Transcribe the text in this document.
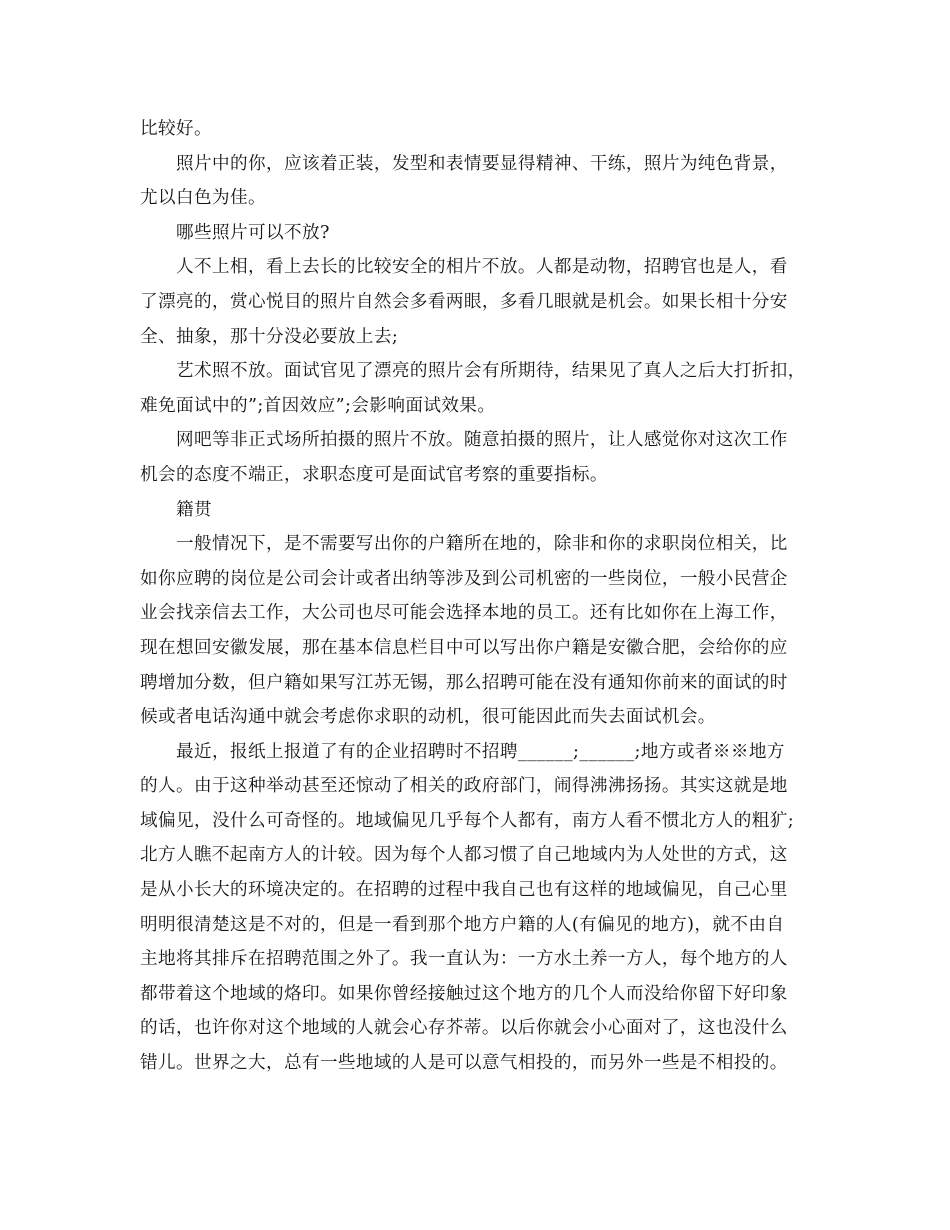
比较好。

　　照片中的你，应该着正装，发型和表情要显得精神、干练，照片为纯色背景，

尤以白色为佳。

　　哪些照片可以不放?

　　人不上相，看上去长的比较安全的相片不放。人都是动物，招聘官也是人，看

了漂亮的，赏心悦目的照片自然会多看两眼，多看几眼就是机会。如果长相十分安

全、抽象，那十分没必要放上去;

　　艺术照不放。面试官见了漂亮的照片会有所期待，结果见了真人之后大打折扣，

难免面试中的”;首因效应”;会影响面试效果。

　　网吧等非正式场所拍摄的照片不放。随意拍摄的照片，让人感觉你对这次工作

机会的态度不端正，求职态度可是面试官考察的重要指标。

　　籍贯

　　一般情况下，是不需要写出你的户籍所在地的，除非和你的求职岗位相关，比

如你应聘的岗位是公司会计或者出纳等涉及到公司机密的一些岗位，一般小民营企

业会找亲信去工作，大公司也尽可能会选择本地的员工。还有比如你在上海工作，

现在想回安徽发展，那在基本信息栏目中可以写出你户籍是安徽合肥，会给你的应

聘增加分数，但户籍如果写江苏无锡，那么招聘可能在没有通知你前来的面试的时

候或者电话沟通中就会考虑你求职的动机，很可能因此而失去面试机会。

　　最近，报纸上报道了有的企业招聘时不招聘______;______;地方或者※※地方

的人。由于这种举动甚至还惊动了相关的政府部门，闹得沸沸扬扬。其实这就是地

域偏见，没什么可奇怪的。地域偏见几乎每个人都有，南方人看不惯北方人的粗犷;

北方人瞧不起南方人的计较。因为每个人都习惯了自己地域内为人处世的方式，这

是从小长大的环境决定的。在招聘的过程中我自己也有这样的地域偏见，自己心里

明明很清楚这是不对的，但是一看到那个地方户籍的人(有偏见的地方)，就不由自

主地将其排斥在招聘范围之外了。我一直认为：一方水土养一方人，每个地方的人

都带着这个地域的烙印。如果你曾经接触过这个地方的几个人而没给你留下好印象

的话，也许你对这个地域的人就会心存芥蒂。以后你就会小心面对了，这也没什么

错儿。世界之大，总有一些地域的人是可以意气相投的，而另外一些是不相投的。
